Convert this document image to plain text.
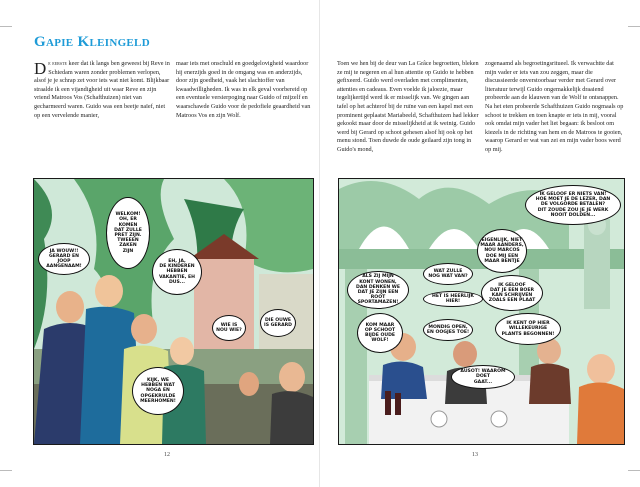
Gapie Kleingeld

De eerste keer dat ik langs ben geweest bij Reve in Schiedam waren zonder problemen verlopen, alsof je je schrap zet voor iets wat niet komt. Blijkbaar straalde ik een vijandigheid uit waar Reve en zijn vriend Matroos Vos (Schafthuizen) niet van gecharmeerd waren. Guido was een beetje naïef, niet op een vervelende manier,

maar iets met onschuld en goedgelovigheid waardoor hij enerzijds goed in de omgang was en anderzijds, door zijn goedheid, vaak het slachtoffer van kwaadwilligheden. Ik was in elk geval voorbereid op een eventuele versierpoging naar Guido of mijzelf en waarschawde Guido voor de pedofiele geaardheid van Matroos Vos en zijn Wolf.

JA WOUW!!
GERARD EN
JOOP AANGENAAM!
WELKOM!
OH, ER
KOMEN
DAT ZULLE
PRET ZIJN.
TWEEEN
ZAKEN
ZIJN
EH, JA,
DE KINDEREN
HEBBEN
VAKANTIE, EH
DUS...
WIE IS
NOU WIE?
DIE OUWE
IS GERARD
KIJK, WE
HEBBEN WAT
NOGA EN
OPGEKRULDE
MEERHOMEN!
12

Toen we hen bij de deur van La Grâce begroetten, bleken ze mij te negeren en al hun attentie op Guido te hebben gefixeerd. Guido werd overladen met complimenten, attenties en cadeaus. Even voelde ik jaloezie, maar tegelijkertijd werd ik er misselijk van. We gingen aan tafel op het achterof bij de ruïne van een kapel met een prominent geplaatst Mariabeeld, Schafthuizen had lekker gekookt maar door de misselijkheid at ik weinig. Guido werd bij Gerard op schoot gehesen alsof hij ook op het menu stond. Toen duwde de oude geilaard zijn tong in Guido's mond,

zogenaamd als begroetingsritueel. Ik verwachtte dat mijn vader er iets van zou zeggen, maar die discussieerde onverstoorbaar verder met Gerard over literatuur terwijl Guido ongemakkelijk draaiend probeerde aan de klauwen van de Wolf te ontsnappen. Na het eten probeerde Schafthuizen Guido nogmaals op schoot te trekken en toen knapte er iets in mij, vooral ook omdat mijn vader het liet begaan: ik besloot om kiezels in de richting van hem en de Matroos te gooien, waarop Gerard er wat van zei en mijn vader boos werd op mij.

IK GELOOF ER NIETS VAN!
HOE MOET JE DE LEZER, DAN
DE VOLGORDE BETALEN?
DIT ZOUDE ZOU JE JE WERK
NOOIT DOLDEN...
EIGENLIJK, NIET
MAAR AANDERS,
NOU MARCOS
DOE MIJ EEN
MAAR BENTJE
ALS ZIJ MIJN
KONT WONEN,
DAN DENKEN WE
DAT JE ZIJN EEN ROOT
SPORTAMAZEN!
WAT ZULLE
NOG WAT VAN?
HET IS HEERLIJK HIER!
IK GELOOF
DAT JE EEN BOER
KAN SCHRIJVEN
ZOALS EEN PLAAT
KOM MAAR
OP SCHOOT
BIJDE OUDE
WOLF!
MONDIG OPEN,
EN OOGJES TOE!
IK KENT OP HIER
WILLEKEURIGE
PLANTS BEGONNEN!
AUSOT! WAAROM DOET
GAAT...
13
